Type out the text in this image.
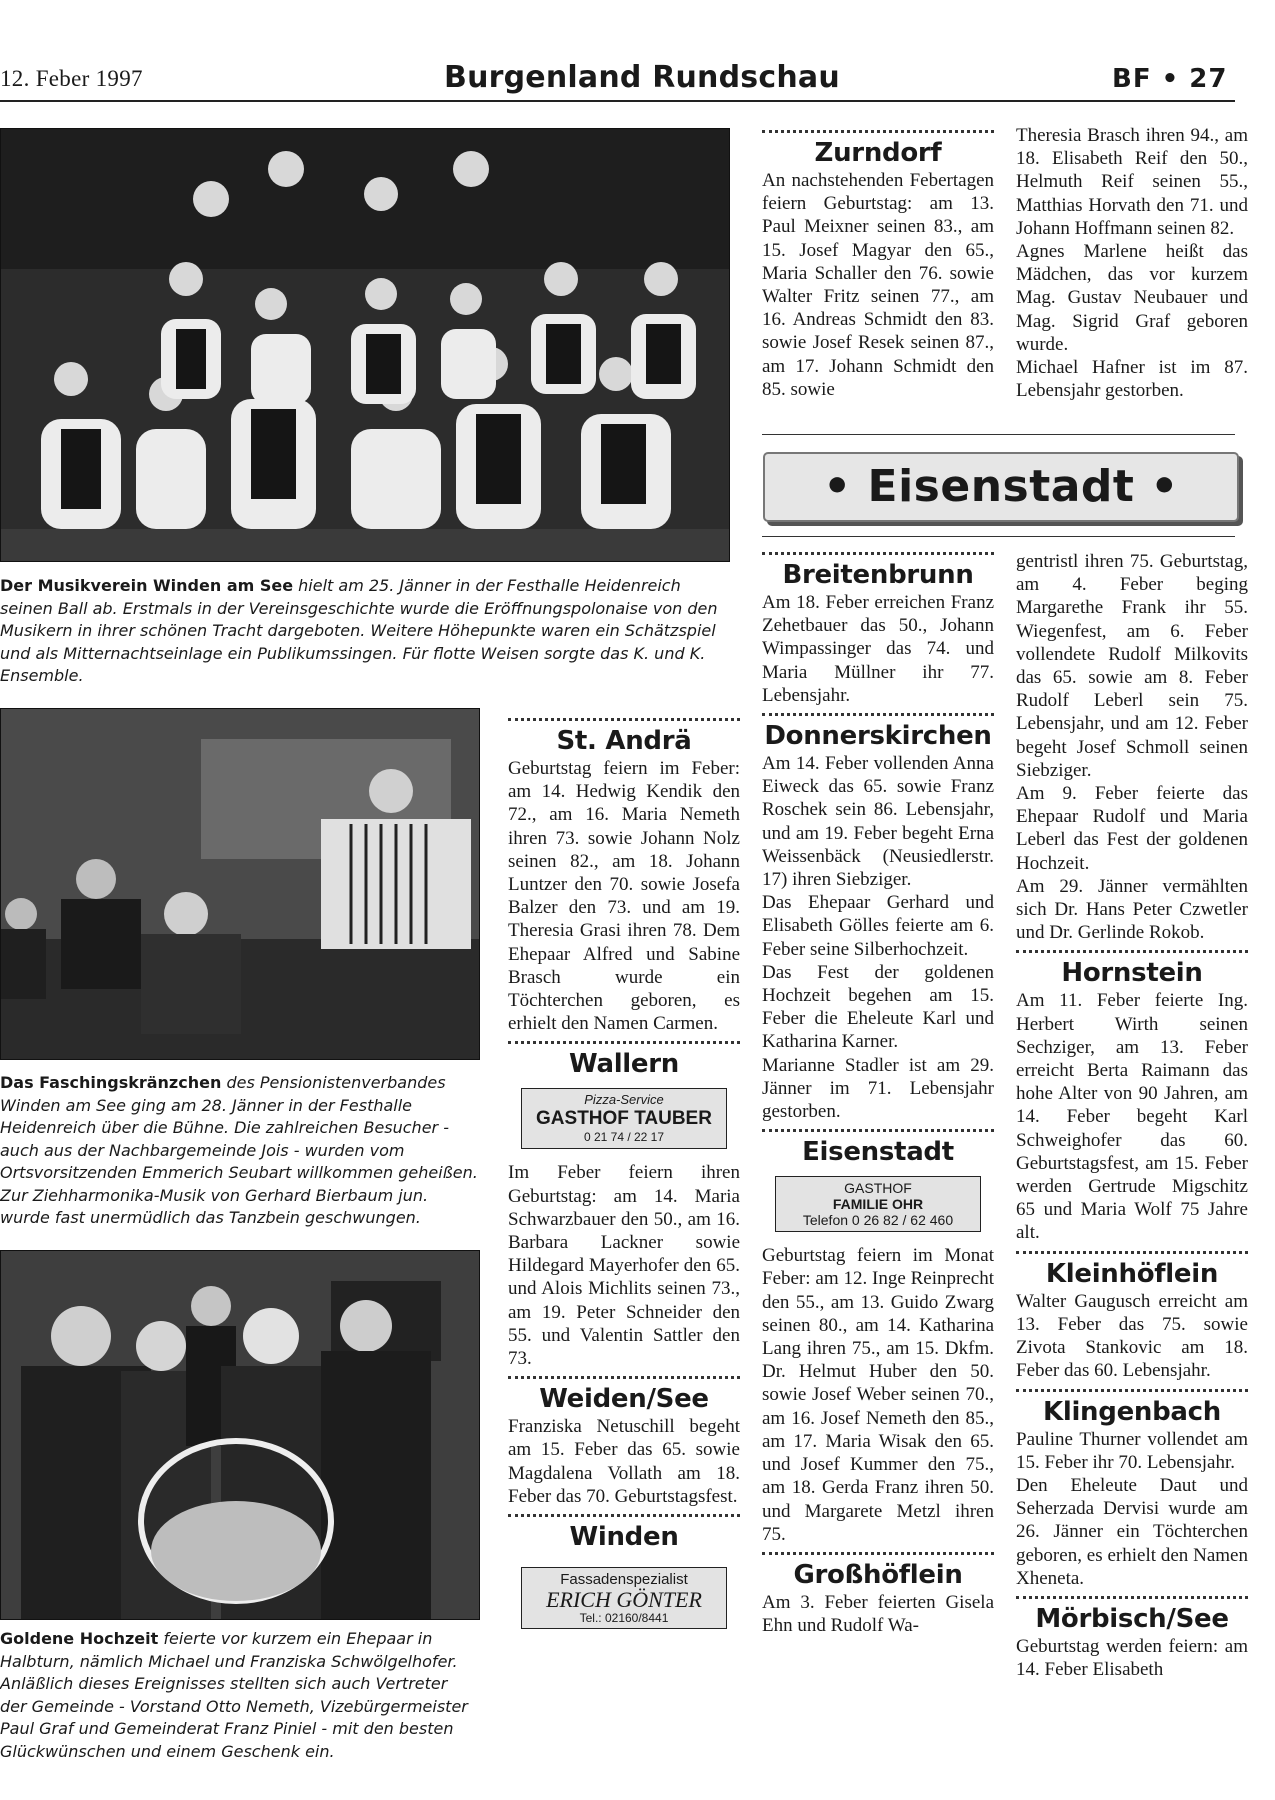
12. Feber 1997	Burgenland Rundschau	BF • 27
Der Musikverein Winden am See hielt am 25. Jänner in der Festhalle Heidenreich seinen Ball ab. Erstmals in der Vereinsgeschichte wurde die Eröffnungspolonaise von den Musikern in ihrer schönen Tracht dargeboten. Weitere Höhepunkte waren ein Schätzspiel und als Mitternachtseinlage ein Publikumssingen. Für flotte Weisen sorgte das K. und K. Ensemble.
Das Faschingskränzchen des Pensionistenverbandes Winden am See ging am 28. Jänner in der Festhalle Heidenreich über die Bühne. Die zahlreichen Besucher - auch aus der Nachbargemeinde Jois - wurden vom Ortsvorsitzenden Emmerich Seubart willkommen geheißen. Zur Ziehharmonika-Musik von Gerhard Bierbaum jun. wurde fast unermüdlich das Tanzbein geschwungen.
Goldene Hochzeit feierte vor kurzem ein Ehepaar in Halbturn, nämlich Michael und Franziska Schwölgelhofer. Anläßlich dieses Ereignisses stellten sich auch Vertreter der Gemeinde - Vorstand Otto Nemeth, Vizebürgermeister Paul Graf und Gemeinderat Franz Piniel - mit den besten Glückwünschen und einem Geschenk ein.
St. Andrä

Geburtstag feiern im Feber: am 14. Hedwig Kendik den 72., am 16. Maria Nemeth ihren 73. sowie Johann Nolz seinen 82., am 18. Johann Luntzer den 70. sowie Josefa Balzer den 73. und am 19. Theresia Grasi ihren 78. Dem Ehepaar Alfred und Sabine Brasch wurde ein Töchterchen geboren, es erhielt den Namen Carmen.

Wallern
Pizza-Service
GASTHOF TAUBER
0 21 74 / 22 17

Im Feber feiern ihren Geburtstag: am 14. Maria Schwarzbauer den 50., am 16. Barbara Lackner sowie Hildegard Mayerhofer den 65. und Alois Michlits seinen 73., am 19. Peter Schneider den 55. und Valentin Sattler den 73.

Weiden/See

Franziska Netuschill begeht am 15. Feber das 65. sowie Magdalena Vollath am 18. Feber das 70. Geburtstagsfest.

Winden
Fassadenspezialist
ERICH GÖNTER
Tel.: 02160/8441
Zurndorf

An nachstehenden Febertagen feiern Geburtstag: am 13. Paul Meixner seinen 83., am 15. Josef Magyar den 65., Maria Schaller den 76. sowie Walter Fritz seinen 77., am 16. Andreas Schmidt den 83. sowie Josef Resek seinen 87., am 17. Johann Schmidt den 85. sowie

Theresia Brasch ihren 94., am 18. Elisabeth Reif den 50., Helmuth Reif seinen 55., Matthias Horvath den 71. und Johann Hoffmann seinen 82.

Agnes Marlene heißt das Mädchen, das vor kurzem Mag. Gustav Neubauer und Mag. Sigrid Graf geboren wurde.

Michael Hafner ist im 87. Lebensjahr gestorben.

• Eisenstadt •
Breitenbrunn

Am 18. Feber erreichen Franz Zehetbauer das 50., Johann Wimpassinger das 74. und Maria Müllner ihr 77. Lebensjahr.

Donnerskirchen

Am 14. Feber vollenden Anna Eiweck das 65. sowie Franz Roschek sein 86. Lebensjahr, und am 19. Feber begeht Erna Weissenbäck (Neusiedlerstr. 17) ihren Siebziger.

Das Ehepaar Gerhard und Elisabeth Gölles feierte am 6. Feber seine Silberhochzeit.

Das Fest der goldenen Hochzeit begehen am 15. Feber die Eheleute Karl und Katharina Karner.

Marianne Stadler ist am 29. Jänner im 71. Lebensjahr gestorben.

Eisenstadt
GASTHOF
FAMILIE OHR
Telefon 0 26 82 / 62 460

Geburtstag feiern im Monat Feber: am 12. Inge Reinprecht den 55., am 13. Guido Zwarg seinen 80., am 14. Katharina Lang ihren 75., am 15. Dkfm. Dr. Helmut Huber den 50. sowie Josef Weber seinen 70., am 16. Josef Nemeth den 85., am 17. Maria Wisak den 65. und Josef Kummer den 75., am 18. Gerda Franz ihren 50. und Margarete Metzl ihren 75.

Großhöflein

Am 3. Feber feierten Gisela Ehn und Rudolf Wa-

gentristl ihren 75. Geburtstag, am 4. Feber beging Margarethe Frank ihr 55. Wiegenfest, am 6. Feber vollendete Rudolf Milkovits das 65. sowie am 8. Feber Rudolf Leberl sein 75. Lebensjahr, und am 12. Feber begeht Josef Schmoll seinen Siebziger.

Am 9. Feber feierte das Ehepaar Rudolf und Maria Leberl das Fest der goldenen Hochzeit.

Am 29. Jänner vermählten sich Dr. Hans Peter Czwetler und Dr. Gerlinde Rokob.

Hornstein

Am 11. Feber feierte Ing. Herbert Wirth seinen Sechziger, am 13. Feber erreicht Berta Raimann das hohe Alter von 90 Jahren, am 14. Feber begeht Karl Schweighofer das 60. Geburtstagsfest, am 15. Feber werden Gertrude Migschitz 65 und Maria Wolf 75 Jahre alt.

Kleinhöflein

Walter Gaugusch erreicht am 13. Feber das 75. sowie Zivota Stankovic am 18. Feber das 60. Lebensjahr.

Klingenbach

Pauline Thurner vollendet am 15. Feber ihr 70. Lebensjahr.

Den Eheleute Daut und Seherzada Dervisi wurde am 26. Jänner ein Töchterchen geboren, es erhielt den Namen Xheneta.

Mörbisch/See

Geburtstag werden feiern: am 14. Feber Elisabeth
